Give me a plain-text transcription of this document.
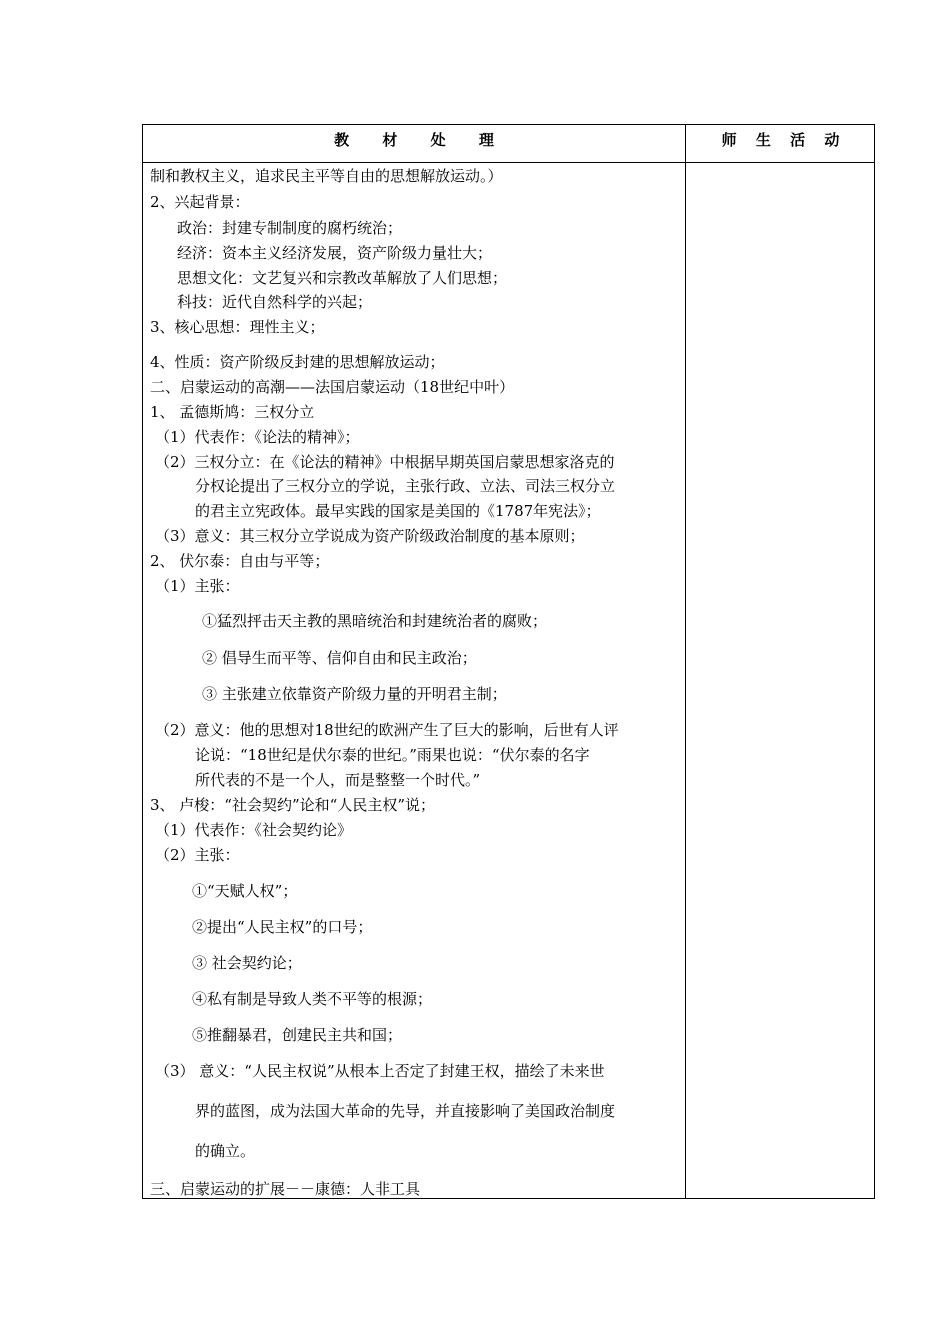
教 材 处 理	师 生 活 动
制和教权主义，追求民主平等自由的思想解放运动。）
2、兴起背景：
政治：封建专制制度的腐朽统治；
经济：资本主义经济发展，资产阶级力量壮大；
思想文化：文艺复兴和宗教改革解放了人们思想；
科技：近代自然科学的兴起；
3、核心思想：理性主义；
4、性质：资产阶级反封建的思想解放运动；
二、启蒙运动的高潮——法国启蒙运动（18世纪中叶）
1、 孟德斯鸠：三权分立
（1）代表作：《论法的精神》；
（2）三权分立：在《论法的精神》中根据早期英国启蒙思想家洛克的
分权论提出了三权分立的学说，主张行政、立法、司法三权分立
的君主立宪政体。最早实践的国家是美国的《1787年宪法》；
（3）意义：其三权分立学说成为资产阶级政治制度的基本原则；
2、 伏尔泰：自由与平等；
（1）主张：
①猛烈抨击天主教的黑暗统治和封建统治者的腐败；
② 倡导生而平等、信仰自由和民主政治；
③ 主张建立依靠资产阶级力量的开明君主制；
（2）意义：他的思想对18世纪的欧洲产生了巨大的影响，后世有人评
论说：“18世纪是伏尔泰的世纪。”雨果也说：“伏尔泰的名字
所代表的不是一个人，而是整整一个时代。”
3、 卢梭：“社会契约”论和“人民主权”说；
（1）代表作：《社会契约论》
（2）主张：
①“天赋人权”；
②提出“人民主权”的口号；
③ 社会契约论；
④私有制是导致人类不平等的根源；
⑤推翻暴君，创建民主共和国；
（3） 意义：“人民主权说”从根本上否定了封建王权，描绘了未来世
界的蓝图，成为法国大革命的先导，并直接影响了美国政治制度
的确立。
三、启蒙运动的扩展－－康德：人非工具
